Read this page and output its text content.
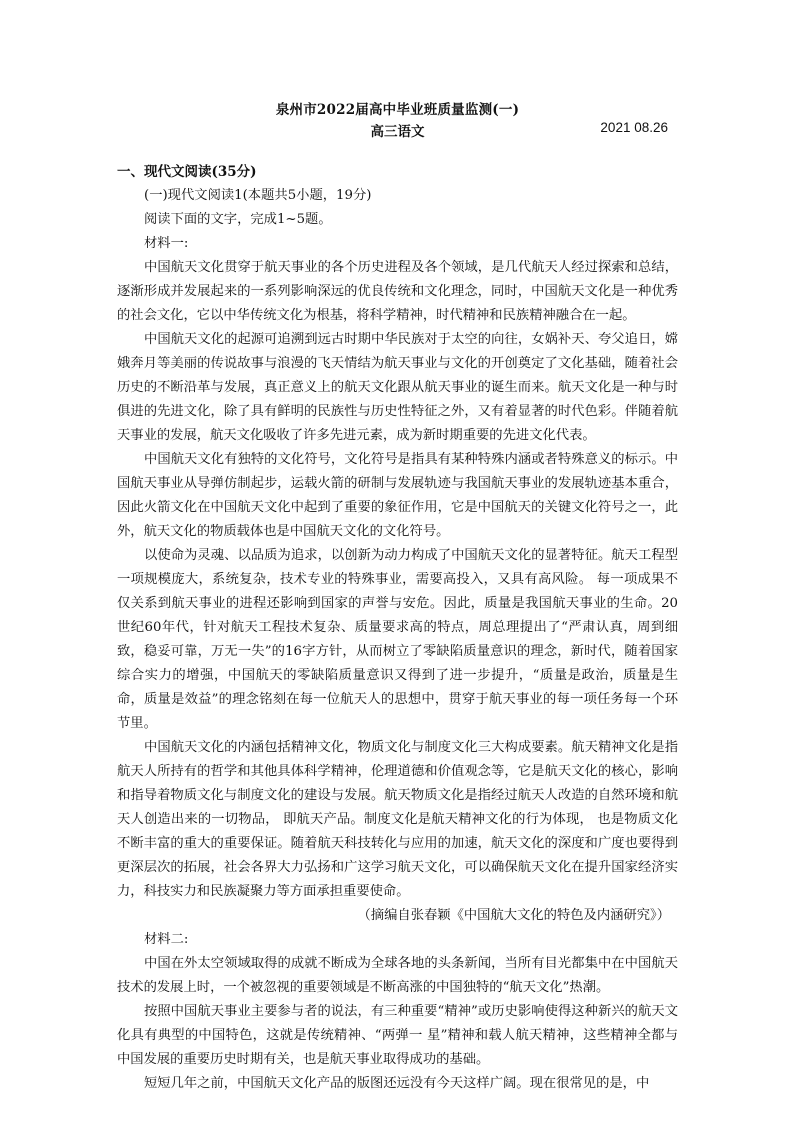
泉州市2022届高中毕业班质量监测(一)
高三语文	2021 08.26
一、现代文阅读(35分)
(一)现代文阅读1(本题共5小题，19分)
阅读下面的文字，完成1~5题。
材料一:

中国航天文化贯穿于航天事业的各个历史进程及各个领域，是几代航天人经过探索和总结，逐渐形成并发展起来的一系列影响深远的优良传统和文化理念，同时，中国航天文化是一种优秀的社会文化，它以中华传统文化为根基，将科学精神，时代精神和民族精神融合在一起。

中国航天文化的起源可追溯到远古时期中华民族对于太空的向往，女娲补天、夸父追日，嫦娥奔月等美丽的传说故事与浪漫的飞天情结为航天事业与文化的开创奠定了文化基础，随着社会历史的不断沿革与发展，真正意义上的航天文化跟从航天事业的诞生而来。航天文化是一种与时俱进的先进文化，除了具有鲜明的民族性与历史性特征之外，又有着显著的时代色彩。伴随着航天事业的发展，航天文化吸收了许多先进元素，成为新时期重要的先进文化代表。

中国航天文化有独特的文化符号，文化符号是指具有某种特殊内涵或者特殊意义的标示。中国航天事业从导弹仿制起步，运载火箭的研制与发展轨迹与我国航天事业的发展轨迹基本重合，因此火箭文化在中国航天文化中起到了重要的象征作用，它是中国航天的关键文化符号之一，此外，航天文化的物质载体也是中国航天文化的文化符号。

以使命为灵魂、以品质为追求，以创新为动力构成了中国航天文化的显著特征。航天工程型一项规模庞大，系统复杂，技术专业的特殊事业，需要高投入，又具有高风险。 每一项成果不仅关系到航天事业的进程还影响到国家的声誉与安危。因此，质量是我国航天事业的生命。20世纪60年代，针对航天工程技术复杂、质量要求高的特点，周总理提出了“严肃认真，周到细致，稳妥可靠，万无一失”的16字方针，从而树立了零缺陷质量意识的理念，新时代，随着国家综合实力的增强，中国航天的零缺陷质量意识又得到了进一步提升，“质量是政治，质量是生命，质量是效益”的理念铭刻在每一位航天人的思想中，贯穿于航天事业的每一项任务每一个环节里。

中国航天文化的内涵包括精神文化，物质文化与制度文化三大构成要素。航天精神文化是指航天人所持有的哲学和其他具体科学精神，伦理道德和价值观念等，它是航天文化的核心，影响和指导着物质文化与制度文化的建设与发展。航天物质文化是指经过航天人改造的自然环境和航天人创造出来的一切物品， 即航天产品。制度文化是航天精神文化的行为体现， 也是物质文化不断丰富的重大的重要保证。随着航天科技转化与应用的加速，航天文化的深度和广度也要得到更深层次的拓展，社会各界大力弘扬和广这学习航天文化，可以确保航天文化在提升国家经济实力，科技实力和民族凝聚力等方面承担重要使命。

（摘编自张春颖《中国航大文化的特色及内涵研究》）
材料二:

中国在外太空领域取得的成就不断成为全球各地的头条新闻，当所有目光都集中在中国航天技术的发展上时，一个被忽视的重要领域是不断高涨的中国独特的“航天文化”热潮。

按照中国航天事业主要参与者的说法，有三种重要“精神”或历史影响使得这种新兴的航天文化具有典型的中国特色，这就是传统精神、“两弹一 星”精神和载人航天精神，这些精神全都与中国发展的重要历史时期有关，也是航天事业取得成功的基础。

短短几年之前，中国航天文化产品的版图还远没有今天这样广阔。现在很常见的是，中
